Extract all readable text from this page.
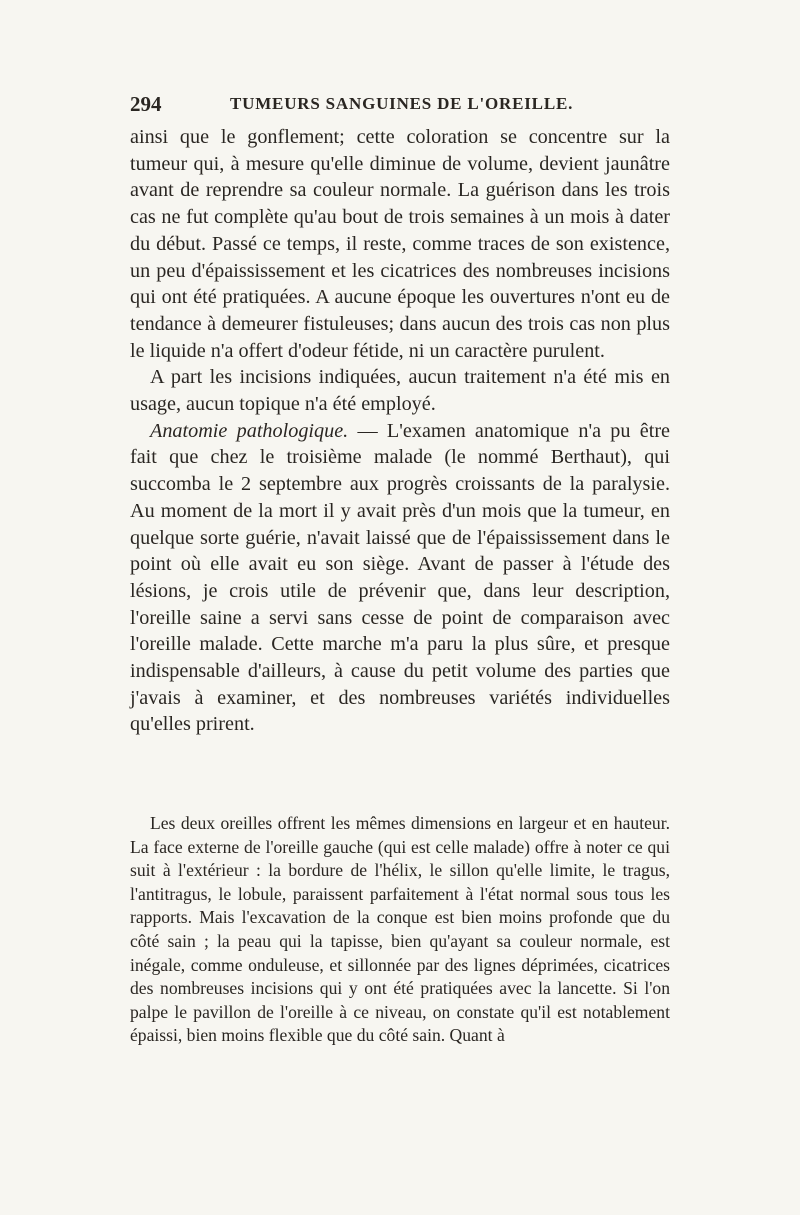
294	TUMEURS SANGUINES DE L'OREILLE.

ainsi que le gonflement; cette coloration se concentre sur la tumeur qui, à mesure qu'elle diminue de volume, devient jaunâtre avant de reprendre sa couleur normale. La guérison dans les trois cas ne fut complète qu'au bout de trois semaines à un mois à dater du début. Passé ce temps, il reste, comme traces de son existence, un peu d'épaississement et les cicatrices des nombreuses incisions qui ont été pratiquées. A aucune époque les ouvertures n'ont eu de tendance à demeurer fistuleuses; dans aucun des trois cas non plus le liquide n'a offert d'odeur fétide, ni un caractère purulent.

A part les incisions indiquées, aucun traitement n'a été mis en usage, aucun topique n'a été employé.

Anatomie pathologique. — L'examen anatomique n'a pu être fait que chez le troisième malade (le nommé Berthaut), qui succomba le 2 septembre aux progrès croissants de la paralysie. Au moment de la mort il y avait près d'un mois que la tumeur, en quelque sorte guérie, n'avait laissé que de l'épaississement dans le point où elle avait eu son siège. Avant de passer à l'étude des lésions, je crois utile de prévenir que, dans leur description, l'oreille saine a servi sans cesse de point de comparaison avec l'oreille malade. Cette marche m'a paru la plus sûre, et presque indispensable d'ailleurs, à cause du petit volume des parties que j'avais à examiner, et des nombreuses variétés individuelles qu'elles prirent.

Les deux oreilles offrent les mêmes dimensions en largeur et en hauteur. La face externe de l'oreille gauche (qui est celle malade) offre à noter ce qui suit à l'extérieur : la bordure de l'hélix, le sillon qu'elle limite, le tragus, l'antitragus, le lobule, paraissent parfaitement à l'état normal sous tous les rapports. Mais l'excavation de la conque est bien moins profonde que du côté sain ; la peau qui la tapisse, bien qu'ayant sa couleur normale, est inégale, comme onduleuse, et sillonnée par des lignes déprimées, cicatrices des nombreuses incisions qui y ont été pratiquées avec la lancette. Si l'on palpe le pavillon de l'oreille à ce niveau, on constate qu'il est notablement épaissi, bien moins flexible que du côté sain. Quant à
